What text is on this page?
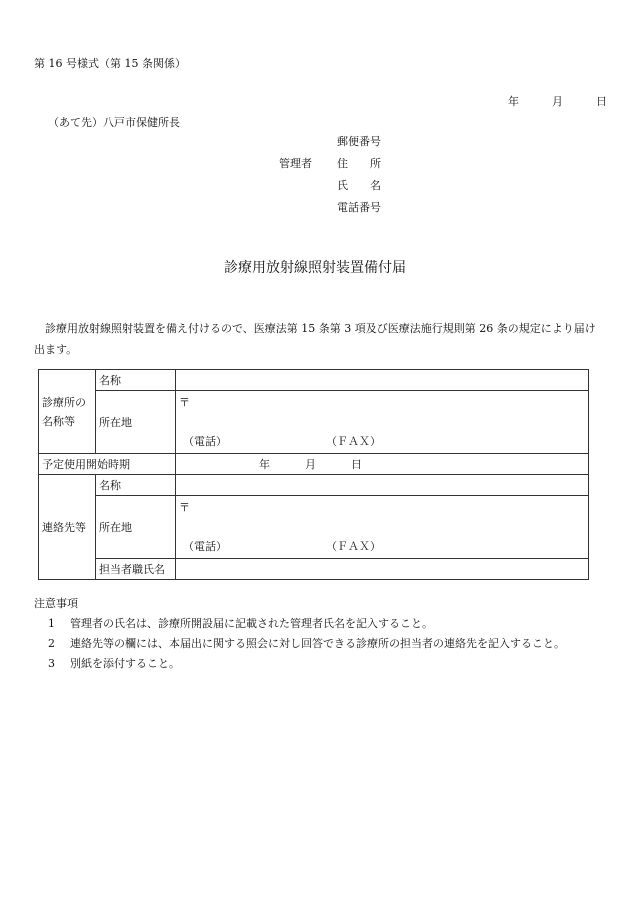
第 16 号様式（第 15 条関係）
年	月	日
（あて先）八戸市保健所長
郵便番号
管理者 住 所
氏 名
電話番号
診療用放射線照射装置備付届
診療用放射線照射装置を備え付けるので、医療法第 15 条第 3 項及び医療法施行規則第 26 条の規定により届け出ます。
診療所の
名称等	名称	
	所在地	〒
（電話） （ＦＡＸ）

予定使用開始時期		年 月 日
連絡先等	名称	
	所在地	〒
（電話） （ＦＡＸ）

	担当者職氏名	
注意事項
1 管理者の氏名は、診療所開設届に記載された管理者氏名を記入すること。
2 連絡先等の欄には、本届出に関する照会に対し回答できる診療所の担当者の連絡先を記入すること。
3 別紙を添付すること。
